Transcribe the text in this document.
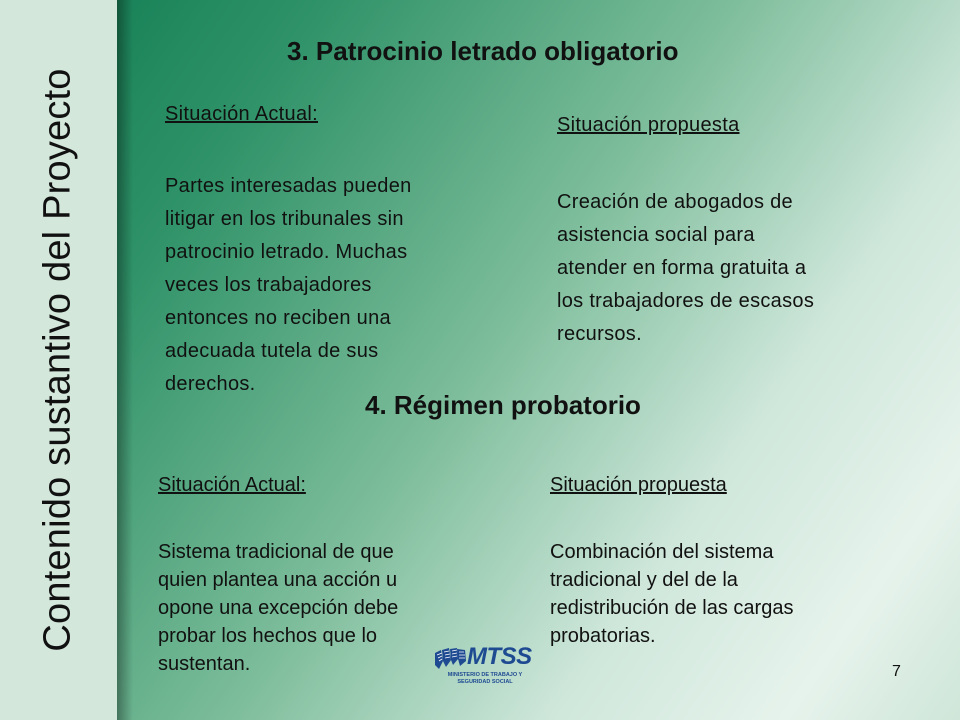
Contenido sustantivo del Proyecto
3. Patrocinio letrado obligatorio

Situación Actual:

Partes interesadas pueden
litigar en los tribunales sin
patrocinio letrado. Muchas
veces los trabajadores
entonces no reciben una
adecuada tutela de sus
derechos.

Situación propuesta

Creación de abogados de
asistencia social para
atender en forma gratuita a
los trabajadores de escasos
recursos.
4. Régimen probatorio

Situación Actual:

Sistema tradicional de que
quien plantea una acción u
opone una excepción debe
probar los hechos que lo
sustentan.

Situación propuesta

Combinación del sistema
tradicional y del de la
redistribución de las cargas
probatorias.
MTSS
MINISTERIO DE TRABAJO Y
SEGURIDAD SOCIAL
7
